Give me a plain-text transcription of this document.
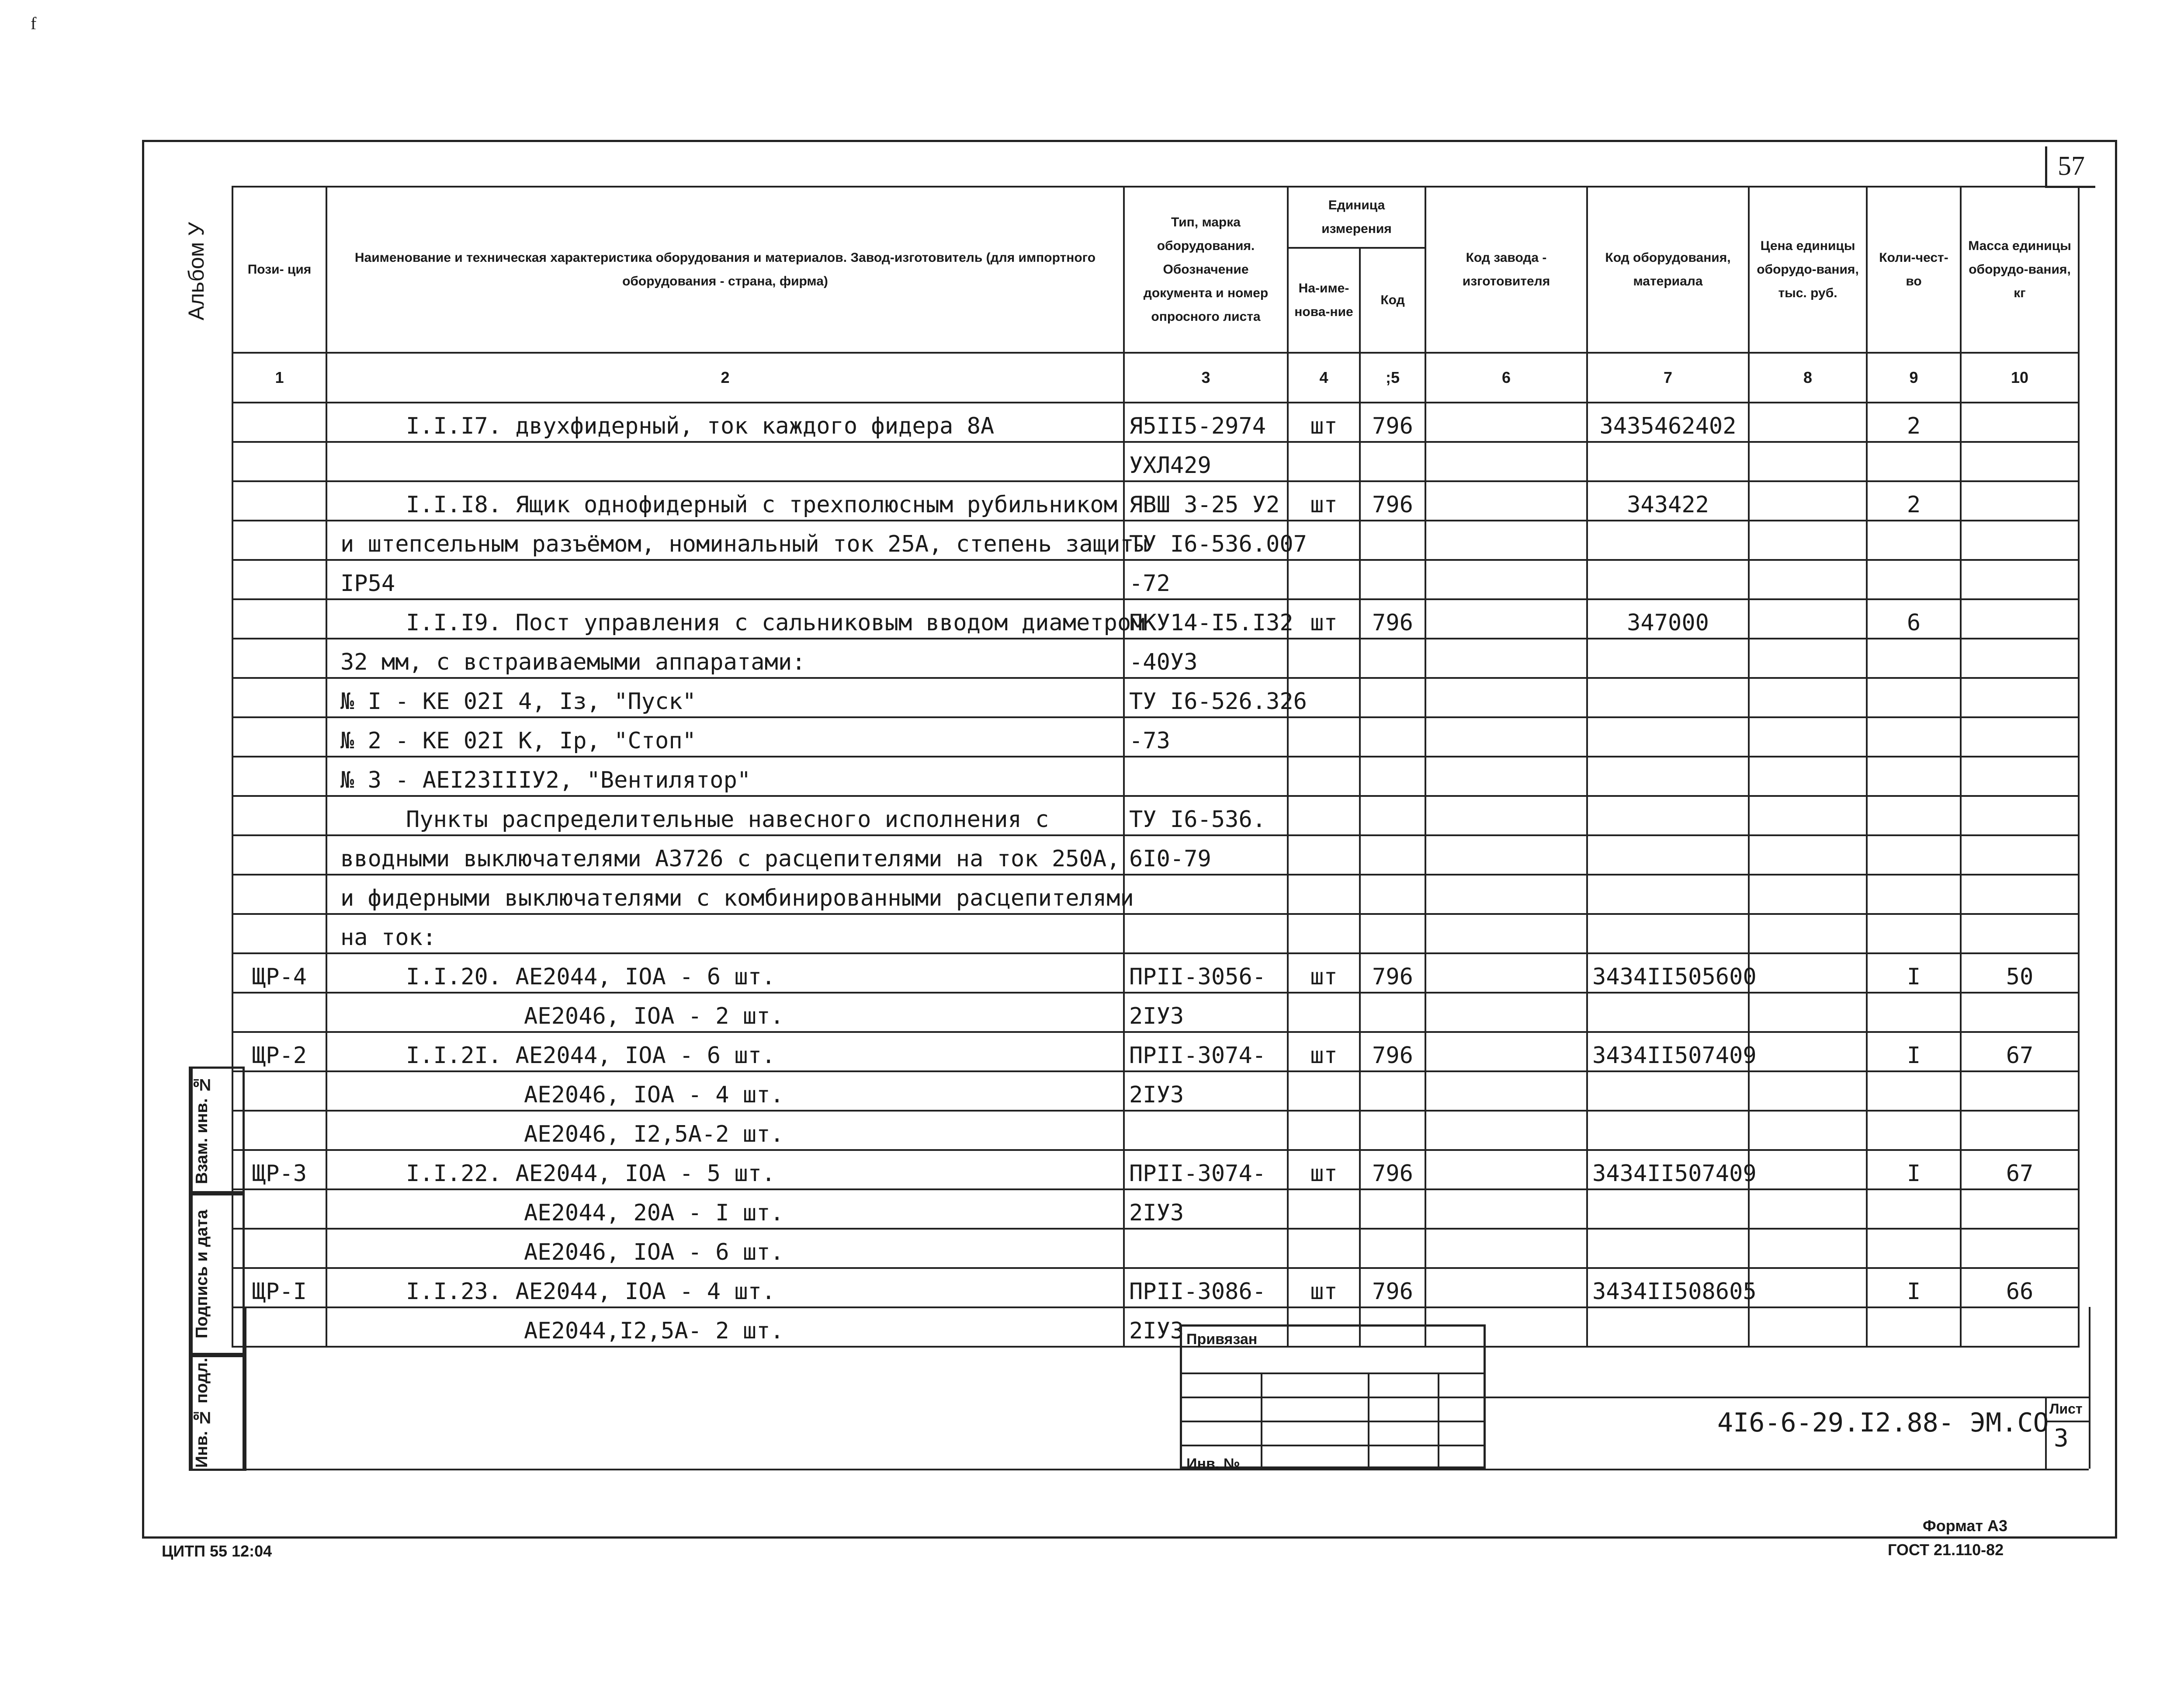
f
57
Альбом У	Пози- ция	Наименование и техническая характеристика оборудования и материалов. Завод-изготовитель (для импортного оборудования - страна, фирма)	Тип, марка оборудования. Обозначение документа и номер опросного листа	Единица измерения		Код завода - изготовителя	Код оборудования, материала	Цена единицы оборудо-вания, тыс. руб.	Коли-чест-во	Масса единицы оборудо-вания, кг
			На-име-нова-ние	Код					
1	2	3	4	;5	6	7	8	9	10
	I.I.I7. двухфидерный, ток каждого фидера 8А	Я5II5-2974	шт	796		3435462402		2	
		УХЛ429							
	I.I.I8. Ящик однофидерный с трехполюсным рубильником	ЯВШ 3-25 У2	шт	796		343422		2	
	и штепсельным разъёмом, номинальный ток 25А, степень защиты	ТУ I6-536.007							
	IP54	-72							
	I.I.I9. Пост управления с сальниковым вводом диаметром	ПКУ14-I5.I32	шт	796		347000		6	
	32 мм, с встраиваемыми аппаратами:	-40У3							
	№ I - КЕ 02I 4, Iз, "Пуск"	ТУ I6-526.326							
	№ 2 - КЕ 02I К, Iр, "Стоп"	-73							
	№ 3 - АЕI23IIIУ2, "Вентилятор"								
	Пункты распределительные навесного исполнения с	ТУ I6-536.							
	вводными выключателями А3726 с расцепителями на ток 250А,	6I0-79							
	и фидерными выключателями с комбинированными расцепителями								
	на ток:								
ЩР-4	I.I.20. АЕ2044, IОА - 6 шт.	ПРII-3056-	шт	796		3434II505600		I	50
	АЕ2046, IОА - 2 шт.	2IУ3							
ЩР-2	I.I.2I. АЕ2044, IОА - 6 шт.	ПРII-3074-	шт	796		3434II507409		I	67
	АЕ2046, IОА - 4 шт.	2IУ3							
	АЕ2046, I2,5А-2 шт.								
ЩР-3	I.I.22. АЕ2044, IОА - 5 шт.	ПРII-3074-	шт	796		3434II507409		I	67
	АЕ2044, 20А - I шт.	2IУ3							
	АЕ2046, IОА - 6 шт.								
ЩР-I	I.I.23. АЕ2044, IОА - 4 шт.	ПРII-3086-	шт	796		3434II508605		I	66
	АЕ2044,I2,5А- 2 шт.	2IУ3							
Взам. инв. №
Подпись и дата
Инв. № подл.
Привязан
Инв. №
4I6-6-29.I2.88- ЭМ.СО Лист
3
Формат А3
ГОСТ 21.110-82
ЦИТП 55 12:04
